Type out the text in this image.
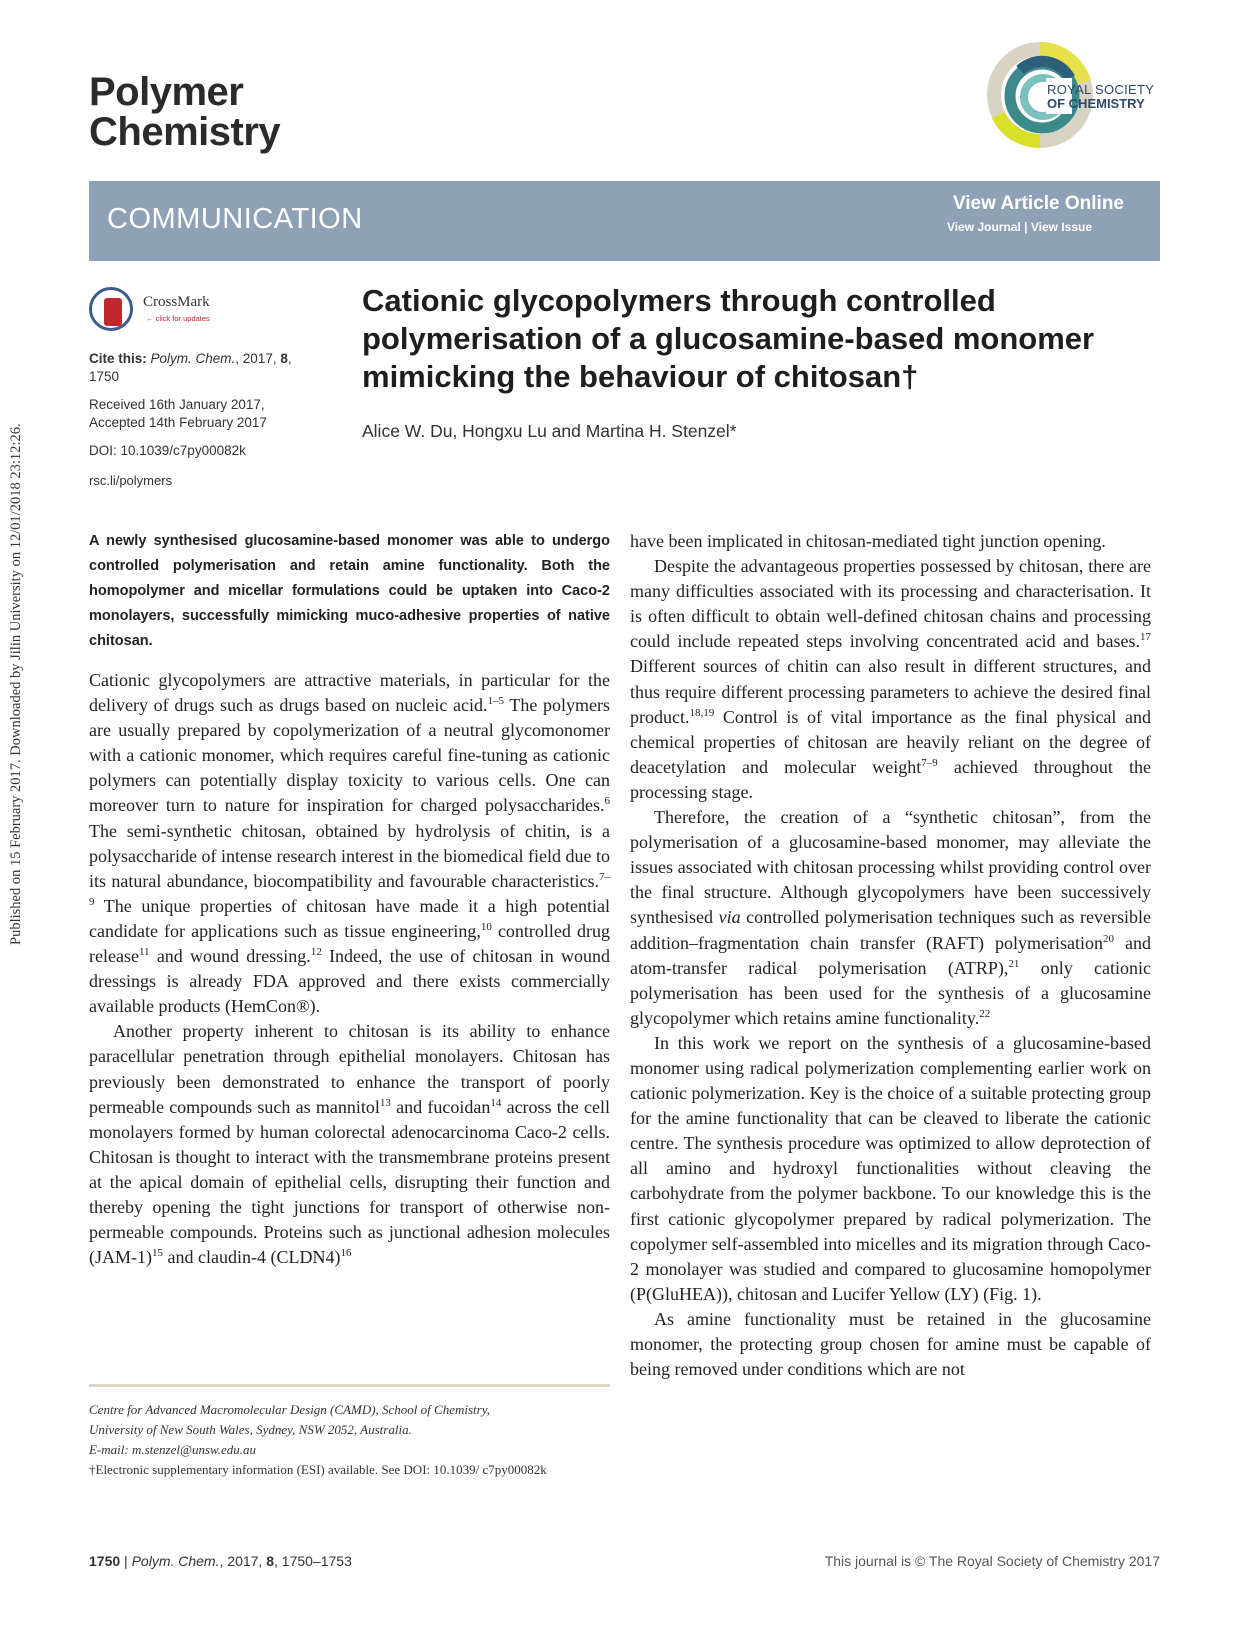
Published on 15 February 2017. Downloaded by Jilin University on 12/01/2018 23:12:26.
Polymer
Chemistry
ROYAL SOCIETY
OF CHEMISTRY
COMMUNICATION	View Article Online
View Journal | View Issue
CrossMark
← click for updates
Cite this: Polym. Chem., 2017, 8,
1750
Received 16th January 2017,
Accepted 14th February 2017
DOI: 10.1039/c7py00082k
rsc.li/polymers
Cationic glycopolymers through controlled polymerisation of a glucosamine-based monomer mimicking the behaviour of chitosan†
Alice W. Du, Hongxu Lu and Martina H. Stenzel*
A newly synthesised glucosamine-based monomer was able to undergo controlled polymerisation and retain amine functionality. Both the homopolymer and micellar formulations could be uptaken into Caco-2 monolayers, successfully mimicking muco-adhesive properties of native chitosan.

Cationic glycopolymers are attractive materials, in particular for the delivery of drugs such as drugs based on nucleic acid.$^{1-5}$ The polymers are usually prepared by copolymerization of a neutral glycomonomer with a cationic monomer, which requires careful fine-tuning as cationic polymers can potentially display toxicity to various cells. One can moreover turn to nature for inspiration for charged polysaccharides.$^6$ The semi-synthetic chitosan, obtained by hydrolysis of chitin, is a polysaccharide of intense research interest in the biomedical field due to its natural abundance, biocompatibility and favourable characteristics.$^{7-9}$ The unique properties of chitosan have made it a high potential candidate for applications such as tissue engineering,$^{10}$ controlled drug release$^{11}$ and wound dressing.$^{12}$ Indeed, the use of chitosan in wound dressings is already FDA approved and there exists commercially available products (HemCon®).

Another property inherent to chitosan is its ability to enhance paracellular penetration through epithelial monolayers. Chitosan has previously been demonstrated to enhance the transport of poorly permeable compounds such as mannitol$^{13}$ and fucoidan$^{14}$ across the cell monolayers formed by human colorectal adenocarcinoma Caco-2 cells. Chitosan is thought to interact with the transmembrane proteins present at the apical domain of epithelial cells, disrupting their function and thereby opening the tight junctions for transport of otherwise non-permeable compounds. Proteins such as junctional adhesion molecules $(JAM-1)^{15}$ and claudin-4 (CLDN4)$^{16}$

have been implicated in chitosan-mediated tight junction opening.

Despite the advantageous properties possessed by chitosan, there are many difficulties associated with its processing and characterisation. It is often difficult to obtain well-defined chitosan chains and processing could include repeated steps involving concentrated acid and bases.$^{17}$ Different sources of chitin can also result in different structures, and thus require different processing parameters to achieve the desired final product.$^{18,19}$ Control is of vital importance as the final physical and chemical properties of chitosan are heavily reliant on the degree of deacetylation and molecular weight$^{7-9}$ achieved throughout the processing stage.

Therefore, the creation of a “synthetic chitosan”, from the polymerisation of a glucosamine-based monomer, may alleviate the issues associated with chitosan processing whilst providing control over the final structure. Although glycopolymers have been successively synthesised via controlled polymerisation techniques such as reversible addition–fragmentation chain transfer (RAFT) polymerisation$^{20}$ and atom-transfer radical polymerisation (ATRP),$^{21}$ only cationic polymerisation has been used for the synthesis of a glucosamine glycopolymer which retains amine functionality.$^{22}$

In this work we report on the synthesis of a glucosamine-based monomer using radical polymerization complementing earlier work on cationic polymerization. Key is the choice of a suitable protecting group for the amine functionality that can be cleaved to liberate the cationic centre. The synthesis procedure was optimized to allow deprotection of all amino and hydroxyl functionalities without cleaving the carbohydrate from the polymer backbone. To our knowledge this is the first cationic glycopolymer prepared by radical polymerization. The copolymer self-assembled into micelles and its migration through Caco-2 monolayer was studied and compared to glucosamine homopolymer (P(GluHEA)), chitosan and Lucifer Yellow (LY) (Fig. 1).

As amine functionality must be retained in the glucosamine monomer, the protecting group chosen for amine must be capable of being removed under conditions which are not

Centre for Advanced Macromolecular Design (CAMD), School of Chemistry,
University of New South Wales, Sydney, NSW 2052, Australia.
E-mail: m.stenzel@unsw.edu.au
†Electronic supplementary information (ESI) available. See DOI: 10.1039/ c7py00082k
1750 | Polym. Chem., 2017, 8, 1750–1753	This journal is © The Royal Society of Chemistry 2017
